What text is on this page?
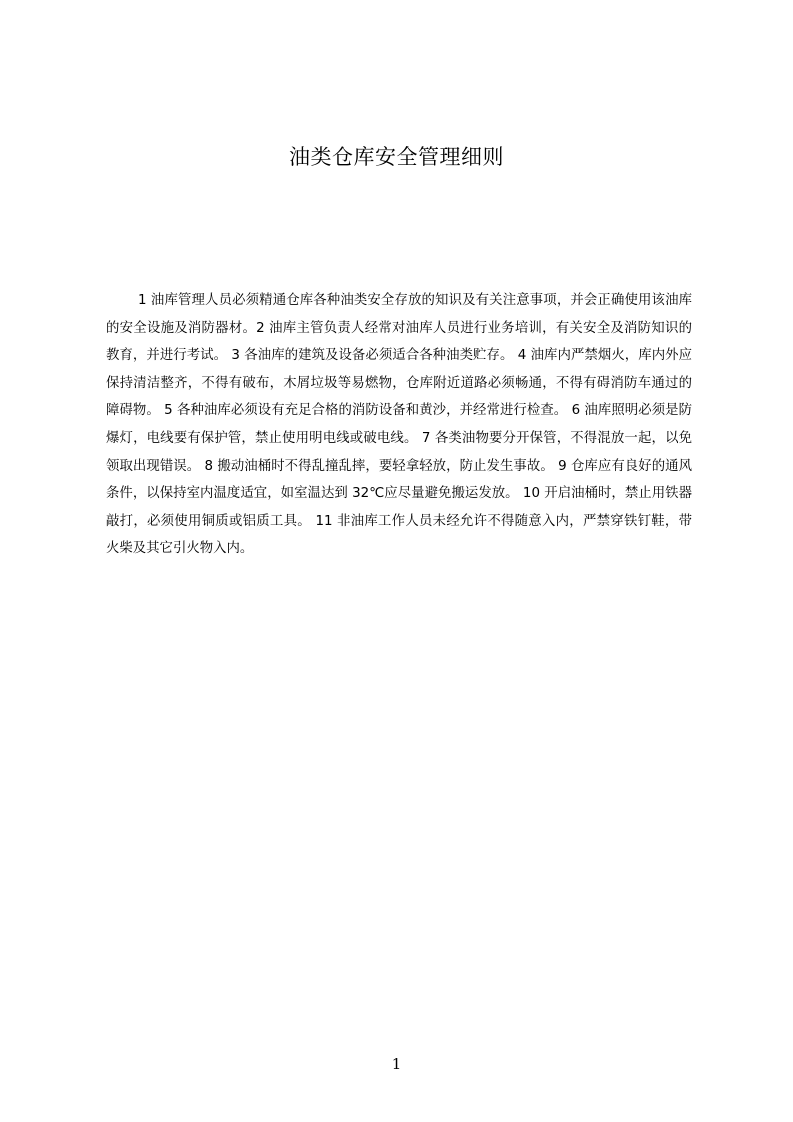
油类仓库安全管理细则

1 油库管理人员必须精通仓库各种油类安全存放的知识及有关注意事项，并会正确使用该油库的安全设施及消防器材。2 油库主管负责人经常对油库人员进行业务培训，有关安全及消防知识的教育，并进行考试。 3 各油库的建筑及设备必须适合各种油类贮存。 4 油库内严禁烟火，库内外应保持清洁整齐，不得有破布，木屑垃圾等易燃物，仓库附近道路必须畅通，不得有碍消防车通过的障碍物。 5 各种油库必须设有充足合格的消防设备和黄沙，并经常进行检查。 6 油库照明必须是防爆灯，电线要有保护管，禁止使用明电线或破电线。 7 各类油物要分开保管，不得混放一起，以免领取出现错误。 8 搬动油桶时不得乱撞乱摔，要轻拿轻放，防止发生事故。 9 仓库应有良好的通风条件，以保持室内温度适宜，如室温达到 32℃应尽量避免搬运发放。 10 开启油桶时，禁止用铁器敲打，必须使用铜质或铝质工具。 11 非油库工作人员未经允许不得随意入内，严禁穿铁钉鞋，带火柴及其它引火物入内。

1
